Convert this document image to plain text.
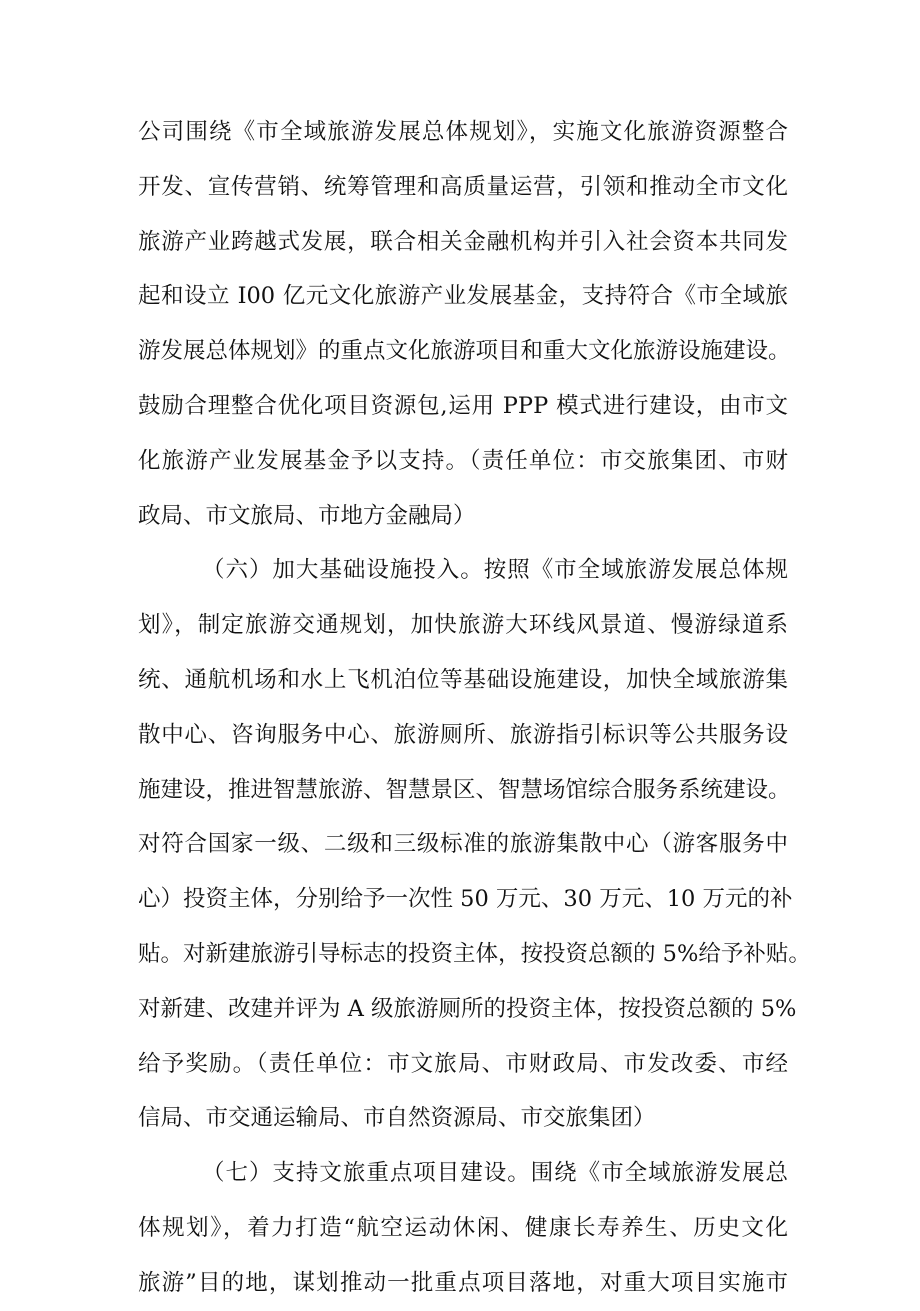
公司围绕《市全域旅游发展总体规划》，实施文化旅游资源整合
开发、宣传营销、统筹管理和高质量运营，引领和推动全市文化
旅游产业跨越式发展，联合相关金融机构并引入社会资本共同发
起和设立 I00 亿元文化旅游产业发展基金，支持符合《市全域旅
游发展总体规划》的重点文化旅游项目和重大文化旅游设施建设。
鼓励合理整合优化项目资源包,运用 PPP 模式进行建设，由市文
化旅游产业发展基金予以支持。（责任单位：市交旅集团、市财
政局、市文旅局、市地方金融局）
（六）加大基础设施投入。按照《市全域旅游发展总体规
划》，制定旅游交通规划，加快旅游大环线风景道、慢游绿道系
统、通航机场和水上飞机泊位等基础设施建设，加快全域旅游集
散中心、咨询服务中心、旅游厕所、旅游指引标识等公共服务设
施建设，推进智慧旅游、智慧景区、智慧场馆综合服务系统建设。
对符合国家一级、二级和三级标准的旅游集散中心（游客服务中
心）投资主体，分别给予一次性 50 万元、30 万元、10 万元的补
贴。对新建旅游引导标志的投资主体，按投资总额的 5%给予补贴。
对新建、改建并评为 A 级旅游厕所的投资主体，按投资总额的 5%
给予奖励。（责任单位：市文旅局、市财政局、市发改委、市经
信局、市交通运输局、市自然资源局、市交旅集团）
（七）支持文旅重点项目建设。围绕《市全域旅游发展总
体规划》，着力打造“航空运动休闲、健康长寿养生、历史文化
旅游”目的地，谋划推动一批重点项目落地，对重大项目实施市
